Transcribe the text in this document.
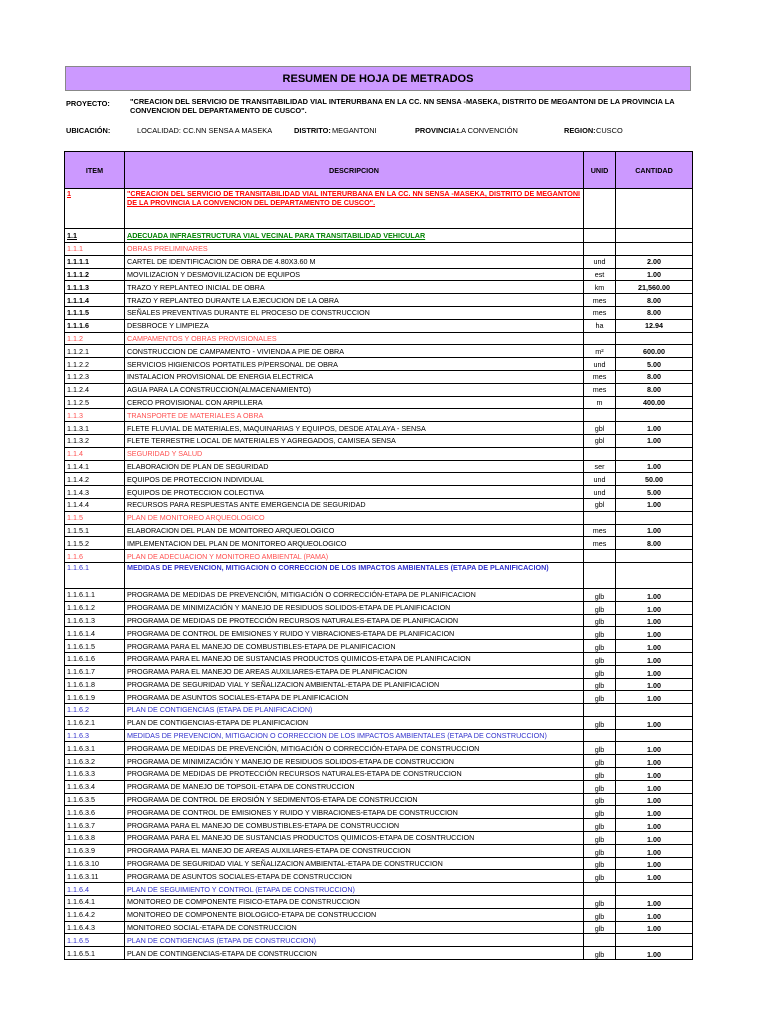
RESUMEN DE HOJA DE METRADOS
PROYECTO:	"CREACION DEL SERVICIO DE TRANSITABILIDAD VIAL INTERURBANA EN LA CC. NN SENSA -MASEKA, DISTRITO DE MEGANTONI DE LA PROVINCIA LA CONVENCION DEL DEPARTAMENTO DE CUSCO".
UBICACIÓN:	LOCALIDAD: CC.NN SENSA A MASEKA	DISTRITO: MEGANTONI	PROVINCIA:
LA CONVENCIÓN	REGION: CUSCO
ITEM	DESCRIPCION	UNID	CANTIDAD
1	"CREACION DEL SERVICIO DE TRANSITABILIDAD VIAL INTERURBANA EN LA CC. NN SENSA -MASEKA, DISTRITO DE MEGANTONI DE LA PROVINCIA LA CONVENCION DEL DEPARTAMENTO DE CUSCO".		
1.1	ADECUADA INFRAESTRUCTURA VIAL VECINAL PARA TRANSITABILIDAD VEHICULAR		
1.1.1	OBRAS PRELIMINARES		
1.1.1.1	CARTEL DE IDENTIFICACION DE OBRA DE 4.80X3.60 M	und	2.00
1.1.1.2	MOVILIZACION Y DESMOVILIZACION DE EQUIPOS	est	1.00
1.1.1.3	TRAZO Y REPLANTEO INICIAL DE OBRA	km	21,560.00
1.1.1.4	TRAZO Y REPLANTEO DURANTE LA EJECUCION DE LA OBRA	mes	8.00
1.1.1.5	SEÑALES PREVENTIVAS DURANTE EL PROCESO DE CONSTRUCCION	mes	8.00
1.1.1.6	DESBROCE Y LIMPIEZA	ha	12.94
1.1.2	CAMPAMENTOS Y OBRAS PROVISIONALES		
1.1.2.1	CONSTRUCCION DE CAMPAMENTO - VIVIENDA A PIE DE OBRA	m²	600.00
1.1.2.2	SERVICIOS HIGIENICOS PORTATILES P/PERSONAL DE OBRA	und	5.00
1.1.2.3	INSTALACION PROVISIONAL DE ENERGIA ELECTRICA	mes	8.00
1.1.2.4	AGUA PARA LA CONSTRUCCION(ALMACENAMIENTO)	mes	8.00
1.1.2.5	CERCO PROVISIONAL CON ARPILLERA	m	400.00
1.1.3	TRANSPORTE DE MATERIALES A OBRA		
1.1.3.1	FLETE FLUVIAL DE MATERIALES, MAQUINARIAS Y EQUIPOS, DESDE ATALAYA - SENSA	gbl	1.00
1.1.3.2	FLETE TERRESTRE LOCAL DE MATERIALES Y AGREGADOS, CAMISEA SENSA	gbl	1.00
1.1.4	SEGURIDAD Y SALUD		
1.1.4.1	ELABORACION DE PLAN DE SEGURIDAD	ser	1.00
1.1.4.2	EQUIPOS DE PROTECCION INDIVIDUAL	und	50.00
1.1.4.3	EQUIPOS DE PROTECCION COLECTIVA	und	5.00
1.1.4.4	RECURSOS PARA RESPUESTAS ANTE EMERGENCIA DE SEGURIDAD	gbl	1.00
1.1.5	PLAN DE MONITOREO ARQUEOLOGICO		
1.1.5.1	ELABORACION DEL PLAN DE MONITOREO ARQUEOLOGICO	mes	1.00
1.1.5.2	IMPLEMENTACION DEL PLAN DE MONITOREO ARQUEOLOGICO	mes	8.00
1.1.6	PLAN DE ADECUACION Y MONITOREO AMBIENTAL (PAMA)		
1.1.6.1	MEDIDAS DE PREVENCION, MITIGACION O CORRECCION DE LOS IMPACTOS AMBIENTALES (ETAPA DE PLANIFICACION)		
1.1.6.1.1	PROGRAMA DE MEDIDAS DE PREVENCIÓN, MITIGACIÓN O CORRECCIÓN-ETAPA DE PLANIFICACION	glb	1.00
1.1.6.1.2	PROGRAMA DE MINIMIZACIÓN Y MANEJO DE RESIDUOS SOLIDOS-ETAPA DE PLANIFICACION	glb	1.00
1.1.6.1.3	PROGRAMA DE MEDIDAS DE PROTECCIÓN RECURSOS NATURALES-ETAPA DE PLANIFICACION	glb	1.00
1.1.6.1.4	PROGRAMA DE CONTROL DE EMISIONES Y RUIDO Y VIBRACIONES-ETAPA DE PLANIFICACION	glb	1.00
1.1.6.1.5	PROGRAMA PARA EL MANEJO DE COMBUSTIBLES-ETAPA DE PLANIFICACION	glb	1.00
1.1.6.1.6	PROGRAMA PARA EL MANEJO DE SUSTANCIAS PRODUCTOS QUIMICOS-ETAPA DE PLANIFICACION	glb	1.00
1.1.6.1.7	PROGRAMA PARA EL MANEJO DE AREAS AUXILIARES-ETAPA DE PLANIFICACION	glb	1.00
1.1.6.1.8	PROGRAMA DE SEGURIDAD VIAL Y SEÑALIZACION AMBIENTAL-ETAPA DE PLANIFICACION	glb	1.00
1.1.6.1.9	PROGRAMA DE ASUNTOS SOCIALES-ETAPA DE PLANIFICACION	glb	1.00
1.1.6.2	PLAN DE CONTIGENCIAS (ETAPA DE PLANIFICACION)		
1.1.6.2.1	PLAN DE CONTIGENCIAS-ETAPA DE PLANIFICACION	glb	1.00
1.1.6.3	MEDIDAS DE PREVENCION, MITIGACION O CORRECCION DE LOS IMPACTOS AMBIENTALES (ETAPA DE CONSTRUCCION)		
1.1.6.3.1	PROGRAMA DE MEDIDAS DE PREVENCIÓN, MITIGACIÓN O CORRECCIÓN-ETAPA DE CONSTRUCCION	glb	1.00
1.1.6.3.2	PROGRAMA DE MINIMIZACIÓN Y MANEJO DE RESIDUOS SOLIDOS-ETAPA DE CONSTRUCCION	glb	1.00
1.1.6.3.3	PROGRAMA DE MEDIDAS DE PROTECCIÓN RECURSOS NATURALES-ETAPA DE CONSTRUCCION	glb	1.00
1.1.6.3.4	PROGRAMA DE MANEJO DE TOPSOIL-ETAPA DE CONSTRUCCION	glb	1.00
1.1.6.3.5	PROGRAMA DE CONTROL DE EROSIÓN Y SEDIMENTOS-ETAPA DE CONSTRUCCION	glb	1.00
1.1.6.3.6	PROGRAMA DE CONTROL DE EMISIONES Y RUIDO Y VIBRACIONES-ETAPA DE CONSTRUCCION	glb	1.00
1.1.6.3.7	PROGRAMA PARA EL MANEJO DE COMBUSTIBLES-ETAPA DE CONSTRUCCION	glb	1.00
1.1.6.3.8	PROGRAMA PARA EL MANEJO DE SUSTANCIAS PRODUCTOS QUIMICOS-ETAPA DE COSNTRUCCION	glb	1.00
1.1.6.3.9	PROGRAMA PARA EL MANEJO DE AREAS AUXILIARES-ETAPA DE CONSTRUCCION	glb	1.00
1.1.6.3.10	PROGRAMA DE SEGURIDAD VIAL Y SEÑALIZACION AMBIENTAL-ETAPA DE CONSTRUCCION	glb	1.00
1.1.6.3.11	PROGRAMA DE ASUNTOS SOCIALES-ETAPA DE CONSTRUCCION	glb	1.00
1.1.6.4	PLAN DE SEGUIMIENTO Y CONTROL (ETAPA DE CONSTRUCCION)		
1.1.6.4.1	MONITOREO DE COMPONENTE FISICO-ETAPA DE CONSTRUCCION	glb	1.00
1.1.6.4.2	MONITOREO DE COMPONENTE BIOLOGICO-ETAPA DE CONSTRUCCION	glb	1.00
1.1.6.4.3	MONITOREO SOCIAL-ETAPA DE CONSTRUCCION	glb	1.00
1.1.6.5	PLAN DE CONTIGENCIAS (ETAPA DE CONSTRUCCION)		
1.1.6.5.1	PLAN DE CONTINGENCIAS-ETAPA DE CONSTRUCCION	glb	1.00
